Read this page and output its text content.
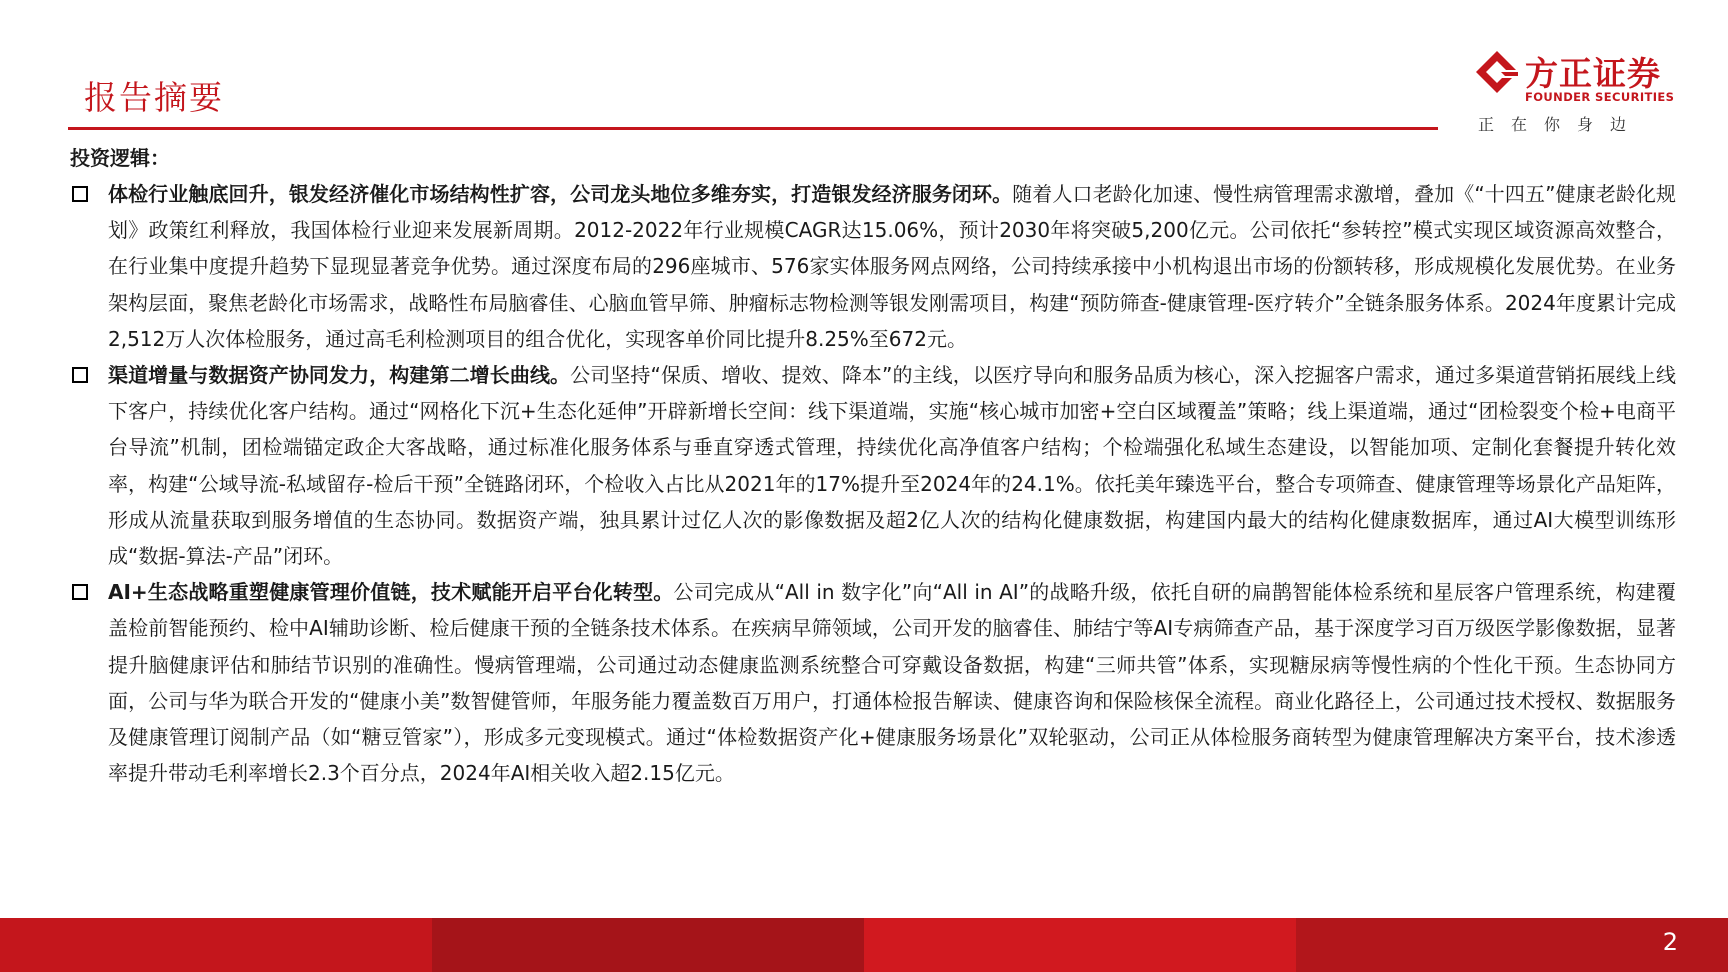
报告摘要
方正证券
FOUNDER SECURITIES
正在你身边

投资逻辑：

体检行业触底回升，银发经济催化市场结构性扩容，公司龙头地位多维夯实，打造银发经济服务闭环。随着人口老龄化加速、慢性病管理需求激增，叠加《“十四五”健康老龄化规划》政策红利释放，我国体检行业迎来发展新周期。2012-2022年行业规模CAGR达15.06%，预计2030年将突破5,200亿元。公司依托“参转控”模式实现区域资源高效整合，在行业集中度提升趋势下显现显著竞争优势。通过深度布局的296座城市、576家实体服务网点网络，公司持续承接中小机构退出市场的份额转移，形成规模化发展优势。在业务架构层面，聚焦老龄化市场需求，战略性布局脑睿佳、心脑血管早筛、肿瘤标志物检测等银发刚需项目，构建“预防筛查-健康管理-医疗转介”全链条服务体系。2024年度累计完成2,512万人次体检服务，通过高毛利检测项目的组合优化，实现客单价同比提升8.25%至672元。

渠道增量与数据资产协同发力，构建第二增长曲线。公司坚持“保质、增收、提效、降本”的主线，以医疗导向和服务品质为核心，深入挖掘客户需求，通过多渠道营销拓展线上线下客户，持续优化客户结构。通过“网格化下沉+生态化延伸”开辟新增长空间：线下渠道端，实施“核心城市加密+空白区域覆盖”策略；线上渠道端，通过“团检裂变个检+电商平台导流”机制，团检端锚定政企大客战略，通过标准化服务体系与垂直穿透式管理，持续优化高净值客户结构；个检端强化私域生态建设，以智能加项、定制化套餐提升转化效率，构建“公域导流-私域留存-检后干预”全链路闭环，个检收入占比从2021年的17%提升至2024年的24.1%。依托美年臻选平台，整合专项筛查、健康管理等场景化产品矩阵，形成从流量获取到服务增值的生态协同。数据资产端，独具累计过亿人次的影像数据及超2亿人次的结构化健康数据，构建国内最大的结构化健康数据库，通过AI大模型训练形成“数据-算法-产品”闭环。

AI+生态战略重塑健康管理价值链，技术赋能开启平台化转型。公司完成从“All in 数字化”向“All in AI”的战略升级，依托自研的扁鹊智能体检系统和星辰客户管理系统，构建覆盖检前智能预约、检中AI辅助诊断、检后健康干预的全链条技术体系。在疾病早筛领域，公司开发的脑睿佳、肺结宁等AI专病筛查产品，基于深度学习百万级医学影像数据，显著提升脑健康评估和肺结节识别的准确性。慢病管理端，公司通过动态健康监测系统整合可穿戴设备数据，构建“三师共管”体系，实现糖尿病等慢性病的个性化干预。生态协同方面，公司与华为联合开发的“健康小美”数智健管师，年服务能力覆盖数百万用户，打通体检报告解读、健康咨询和保险核保全流程。商业化路径上，公司通过技术授权、数据服务及健康管理订阅制产品（如“糖豆管家”），形成多元变现模式。通过“体检数据资产化+健康服务场景化”双轮驱动，公司正从体检服务商转型为健康管理解决方案平台，技术渗透率提升带动毛利率增长2.3个百分点，2024年AI相关收入超2.15亿元。

2
